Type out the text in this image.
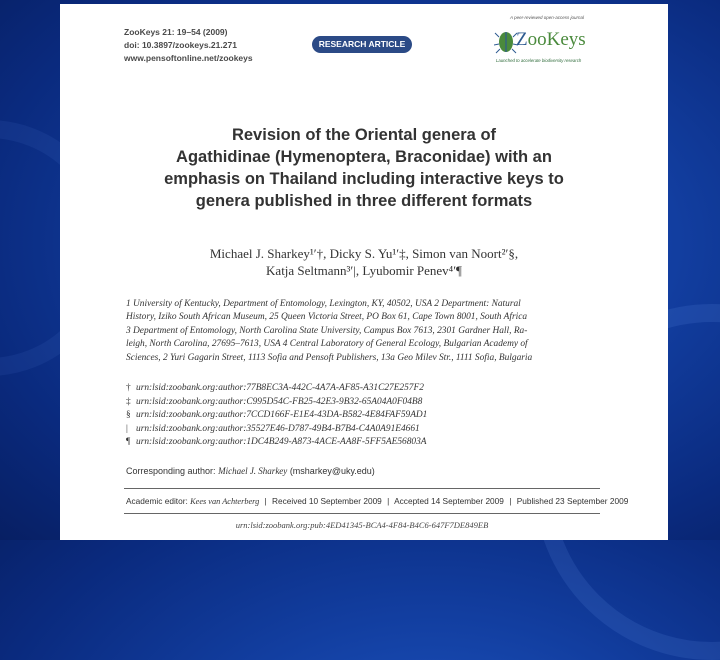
ZooKeys 21: 19–54 (2009)
doi: 10.3897/zookeys.21.271
www.pensoftonline.net/zookeys
RESEARCH ARTICLE
A peer-reviewed open-access journal
ZooKeys
Launched to accelerate biodiversity research
Revision of the Oriental genera of
Agathidinae (Hymenoptera, Braconidae) with an
emphasis on Thailand including interactive keys to
genera published in three different formats
Michael J. Sharkey¹ʹ†, Dicky S. Yu¹ʹ‡, Simon van Noort²ʹ§,
Katja Seltmann³ʹ|, Lyubomir Penev⁴ʹ¶
1 University of Kentucky, Department of Entomology, Lexington, KY, 40502, USA 2 Department: Natural
History, Iziko South African Museum, 25 Queen Victoria Street, PO Box 61, Cape Town 8001, South Africa
3 Department of Entomology, North Carolina State University, Campus Box 7613, 2301 Gardner Hall, Ra-
leigh, North Carolina, 27695–7613, USA 4 Central Laboratory of General Ecology, Bulgarian Academy of
Sciences, 2 Yuri Gagarin Street, 1113 Sofia and Pensoft Publishers, 13a Geo Milev Str., 1111 Sofia, Bulgaria
† urn:lsid:zoobank.org:author:77B8EC3A-442C-4A7A-AF85-A31C27E257F2
‡ urn:lsid:zoobank.org:author:C995D54C-FB25-42E3-9B32-65A04A0F04B8
§ urn:lsid:zoobank.org:author:7CCD166F-E1E4-43DA-B582-4E84FAF59AD1
| urn:lsid:zoobank.org:author:35527E46-D787-49B4-B7B4-C4A0A91E4661
¶ urn:lsid:zoobank.org:author:1DC4B249-A873-4ACE-AA8F-5FF5AE56803A
Corresponding author: Michael J. Sharkey (msharkey@uky.edu)
Academic editor: Kees van Achterberg | Received 10 September 2009 | Accepted 14 September 2009 | Published 23 September 2009
urn:lsid:zoobank.org:pub:4ED41345-BCA4-4F84-B4C6-647F7DE849EB
